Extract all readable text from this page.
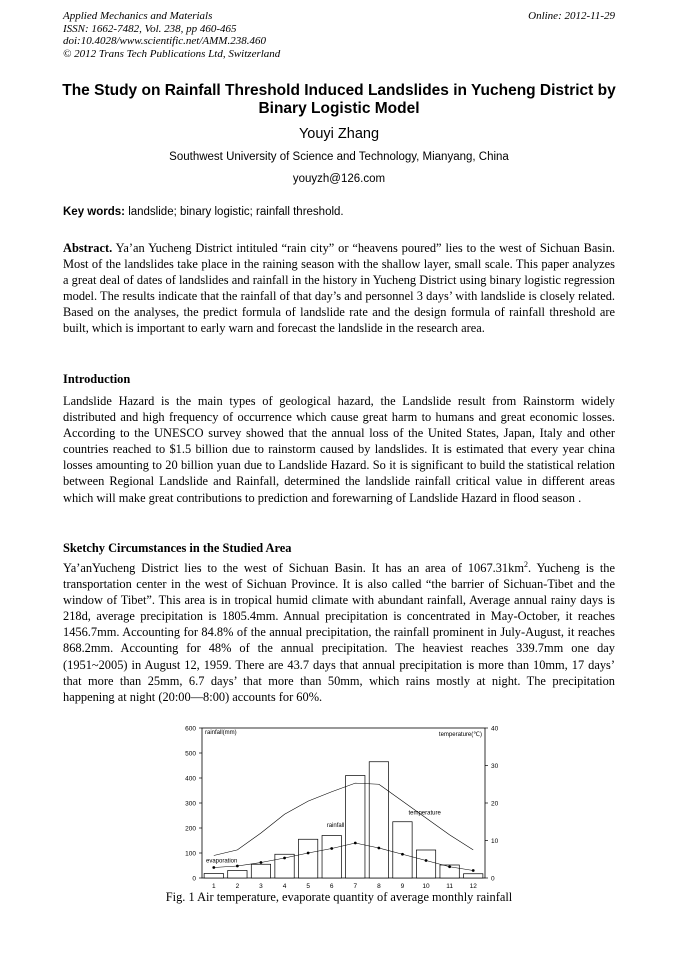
Applied Mechanics and Materials
ISSN: 1662-7482, Vol. 238, pp 460-465
doi:10.4028/www.scientific.net/AMM.238.460
© 2012 Trans Tech Publications Ltd, Switzerland
Online: 2012-11-29
The Study on Rainfall Threshold Induced Landslides in Yucheng District by Binary Logistic Model
Youyi Zhang
Southwest University of Science and Technology, Mianyang, China
youyzh@126.com
Key words: landslide; binary logistic; rainfall threshold.
Abstract. Ya’an Yucheng District intituled “rain city” or “heavens poured” lies to the west of Sichuan Basin. Most of the landslides take place in the raining season with the shallow layer, small scale. This paper analyzes a great deal of dates of landslides and rainfall in the history in Yucheng District using binary logistic regression model. The results indicate that the rainfall of that day’s and personnel 3 days’ with landslide is closely related. Based on the analyses, the predict formula of landslide rate and the design formula of rainfall threshold are built, which is important to early warn and forecast the landslide in the research area.
Introduction
Landslide Hazard is the main types of geological hazard, the Landslide result from Rainstorm widely distributed and high frequency of occurrence which cause great harm to humans and great economic losses. According to the UNESCO survey showed that the annual loss of the United States, Japan, Italy and other countries reached to $1.5 billion due to rainstorm caused by landslides. It is estimated that every year china losses amounting to 20 billion yuan due to Landslide Hazard. So it is significant to build the statistical relation between Regional Landslide and Rainfall, determined the landslide rainfall critical value in different areas which will make great contributions to prediction and forewarning of Landslide Hazard in flood season .
Sketchy Circumstances in the Studied Area
Ya’anYucheng District lies to the west of Sichuan Basin. It has an area of $1067.31km^2$. Yucheng is the transportation center in the west of Sichuan Province. It is also called “the barrier of Sichuan-Tibet and the window of Tibet”. This area is in tropical humid climate with abundant rainfall, Average annual rainy days is 218d, average precipitation is 1805.4mm. Annual precipitation is concentrated in May-October, it reaches 1456.7mm. Accounting for 84.8% of the annual precipitation, the rainfall prominent in July-August, it reaches 868.2mm. Accounting for 48% of the annual precipitation. The heaviest reaches 339.7mm one day (1951~2005) in August 12, 1959. There are 43.7 days that annual precipitation is more than 10mm, 17 days’ that more than 25mm, 6.7 days’ that more than 50mm, which rains mostly at night. The precipitation happening at night (20:00—8:00) accounts for 60%.
0
100
200
300
400
500
600
0
10
20
30
40
1	2	3	4	5	6	7	8	9	10	11	12
rainfall(mm)	temperature(℃)
rainfall
temperature
evaporation
Fig. 1 Air temperature, evaporate quantity of average monthly rainfall
